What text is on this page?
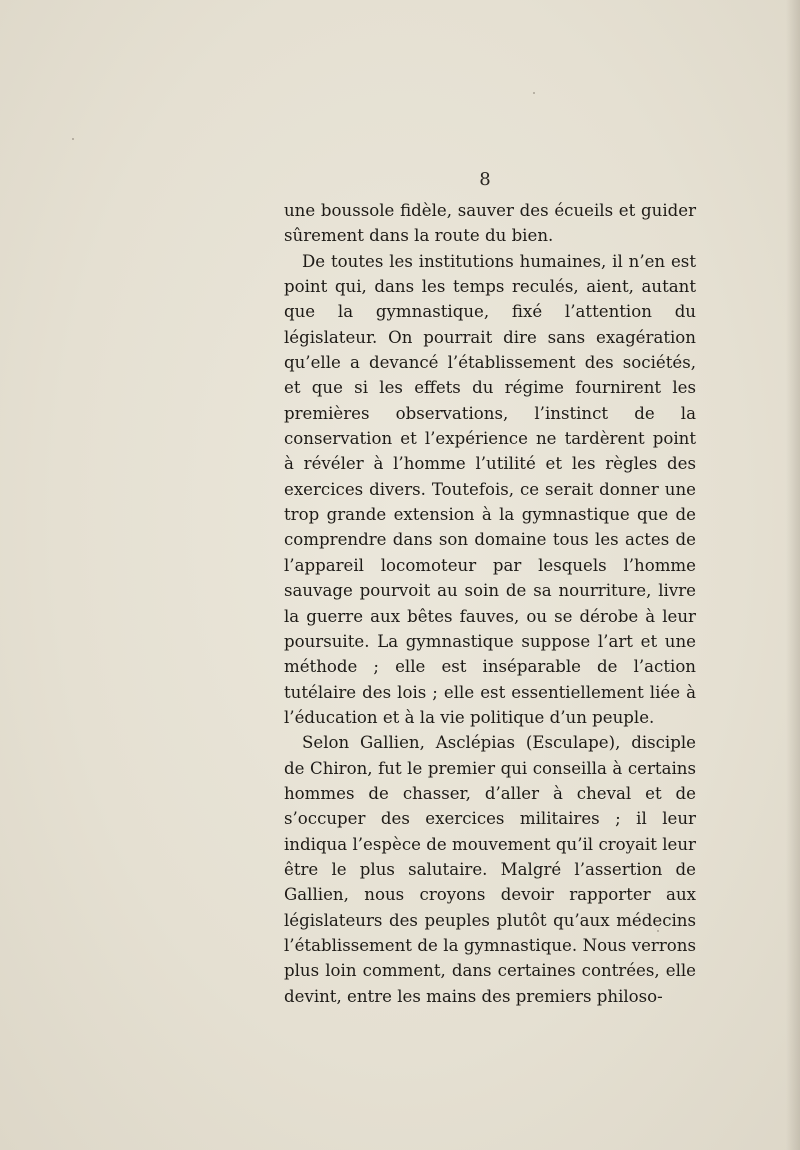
8

une boussole fidèle, sauver des écueils et guider sûrement dans la route du bien.

De toutes les institutions humaines, il n’en est point qui, dans les temps reculés, aient, autant que la gymnastique, fixé l’attention du législateur. On pourrait dire sans exagération qu’elle a devancé l’établissement des sociétés, et que si les effets du régime fournirent les premières observations, l’instinct de la conservation et l’expérience ne tardèrent point à révéler à l’homme l’utilité et les règles des exercices divers. Toutefois, ce serait donner une trop grande extension à la gymnastique que de comprendre dans son domaine tous les actes de l’appareil locomoteur par lesquels l’homme sauvage pourvoit au soin de sa nourriture, livre la guerre aux bêtes fauves, ou se dérobe à leur poursuite. La gymnastique suppose l’art et une méthode ; elle est inséparable de l’action tutélaire des lois ; elle est essentiellement liée à l’éducation et à la vie politique d’un peuple.

Selon Gallien, Asclépias (Esculape), disciple de Chiron, fut le premier qui conseilla à certains hommes de chasser, d’aller à cheval et de s’occuper des exercices militaires ; il leur indiqua l’espèce de mouvement qu’il croyait leur être le plus salutaire. Malgré l’assertion de Gallien, nous croyons devoir rapporter aux législateurs des peuples plutôt qu’aux médecins l’établissement de la gymnastique. Nous verrons plus loin comment, dans certaines contrées, elle devint, entre les mains des premiers philoso-
